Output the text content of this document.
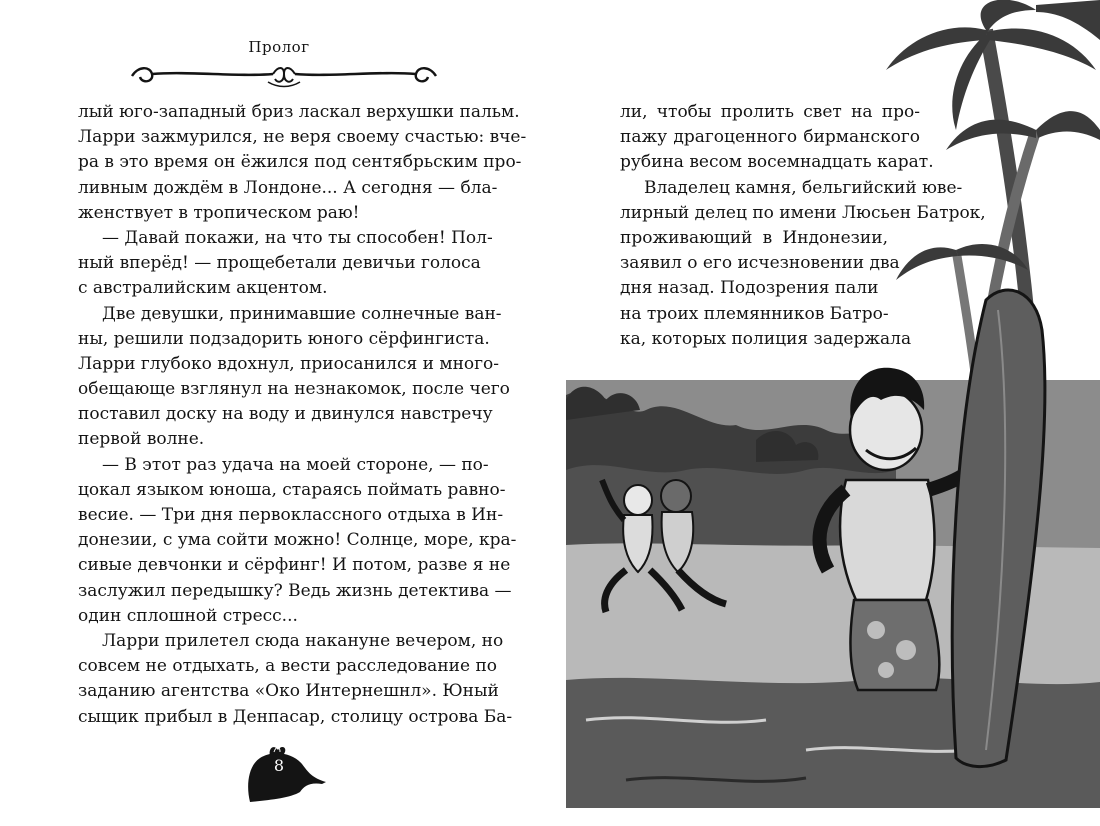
Пролог
лый юго-западный бриз ласкал верхушки пальм.
Ларри зажмурился, не веря своему счастью: вче-
ра в это время он ёжился под сентябрьским про-
ливным дождём в Лондоне... А сегодня — бла-
женствует в тропическом раю!
— Давай покажи, на что ты способен! Пол-
ный вперёд! — прощебетали девичьи голоса
с австралийским акцентом.
Две девушки, принимавшие солнечные ван-
ны, решили подзадорить юного сёрфингиста.
Ларри глубоко вдохнул, приосанился и много-
обещающе взглянул на незнакомок, после чего
поставил доску на воду и двинулся навстречу
первой волне.
— В этот раз удача на моей стороне, — по-
цокал языком юноша, стараясь поймать равно-
весие. — Три дня первоклассного отдыха в Ин-
донезии, с ума сойти можно! Солнце, море, кра-
сивые девчонки и сёрфинг! И потом, разве я не
заслужил передышку? Ведь жизнь детектива —
один сплошной стресс...
Ларри прилетел сюда накануне вечером, но
совсем не отдыхать, а вести расследование по
заданию агентства «Око Интернешнл». Юный
сыщик прибыл в Денпасар, столицу острова Ба-
8
ли, чтобы пролить свет на про-
пажу драгоценного бирманского
рубина весом восемнадцать карат.
Владелец камня, бельгийский юве-
лирный делец по имени Люсьен Батрок,
проживающий в Индонезии,
заявил о его исчезновении два
дня назад. Подозрения пали
на троих племянников Батро-
ка, которых полиция задержала
